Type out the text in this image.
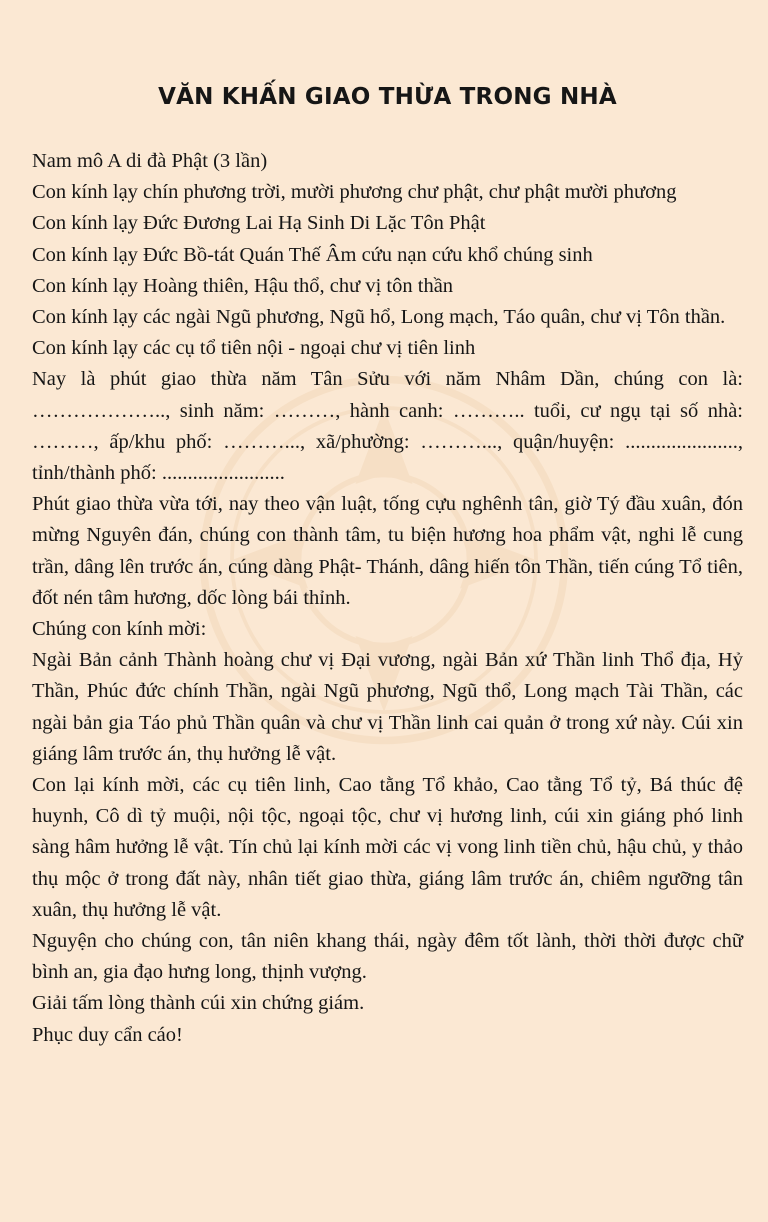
VĂN KHẤN GIAO THỪA TRONG NHÀ

Nam mô A di đà Phật (3 lần)

Con kính lạy chín phương trời, mười phương chư phật, chư phật mười phương

Con kính lạy Đức Đương Lai Hạ Sinh Di Lặc Tôn Phật

Con kính lạy Đức Bồ-tát Quán Thế Âm cứu nạn cứu khổ chúng sinh

Con kính lạy Hoàng thiên, Hậu thổ, chư vị tôn thần

Con kính lạy các ngài Ngũ phương, Ngũ hổ, Long mạch, Táo quân, chư vị Tôn thần.

Con kính lạy các cụ tổ tiên nội - ngoại chư vị tiên linh

Nay là phút giao thừa năm Tân Sửu với năm Nhâm Dần, chúng con là: ……………….., sinh năm: ………, hành canh: ……….. tuổi, cư ngụ tại số nhà: ………, ấp/khu phố: ………..., xã/phường: ………..., quận/huyện: ......................, tỉnh/thành phố: ........................

Phút giao thừa vừa tới, nay theo vận luật, tống cựu nghênh tân, giờ Tý đầu xuân, đón mừng Nguyên đán, chúng con thành tâm, tu biện hương hoa phẩm vật, nghi lễ cung trần, dâng lên trước án, cúng dàng Phật- Thánh, dâng hiến tôn Thần, tiến cúng Tổ tiên, đốt nén tâm hương, dốc lòng bái thỉnh.

Chúng con kính mời:

Ngài Bản cảnh Thành hoàng chư vị Đại vương, ngài Bản xứ Thần linh Thổ địa, Hỷ Thần, Phúc đức chính Thần, ngài Ngũ phương, Ngũ thổ, Long mạch Tài Thần, các ngài bản gia Táo phủ Thần quân và chư vị Thần linh cai quản ở trong xứ này. Cúi xin giáng lâm trước án, thụ hưởng lễ vật.

Con lại kính mời, các cụ tiên linh, Cao tằng Tổ khảo, Cao tằng Tổ tỷ, Bá thúc đệ huynh, Cô dì tỷ muội, nội tộc, ngoại tộc, chư vị hương linh, cúi xin giáng phó linh sàng hâm hưởng lễ vật. Tín chủ lại kính mời các vị vong linh tiền chủ, hậu chủ, y thảo thụ mộc ở trong đất này, nhân tiết giao thừa, giáng lâm trước án, chiêm ngưỡng tân xuân, thụ hưởng lễ vật.

Nguyện cho chúng con, tân niên khang thái, ngày đêm tốt lành, thời thời được chữ bình an, gia đạo hưng long, thịnh vượng.

Giải tấm lòng thành cúi xin chứng giám.

Phục duy cẩn cáo!
